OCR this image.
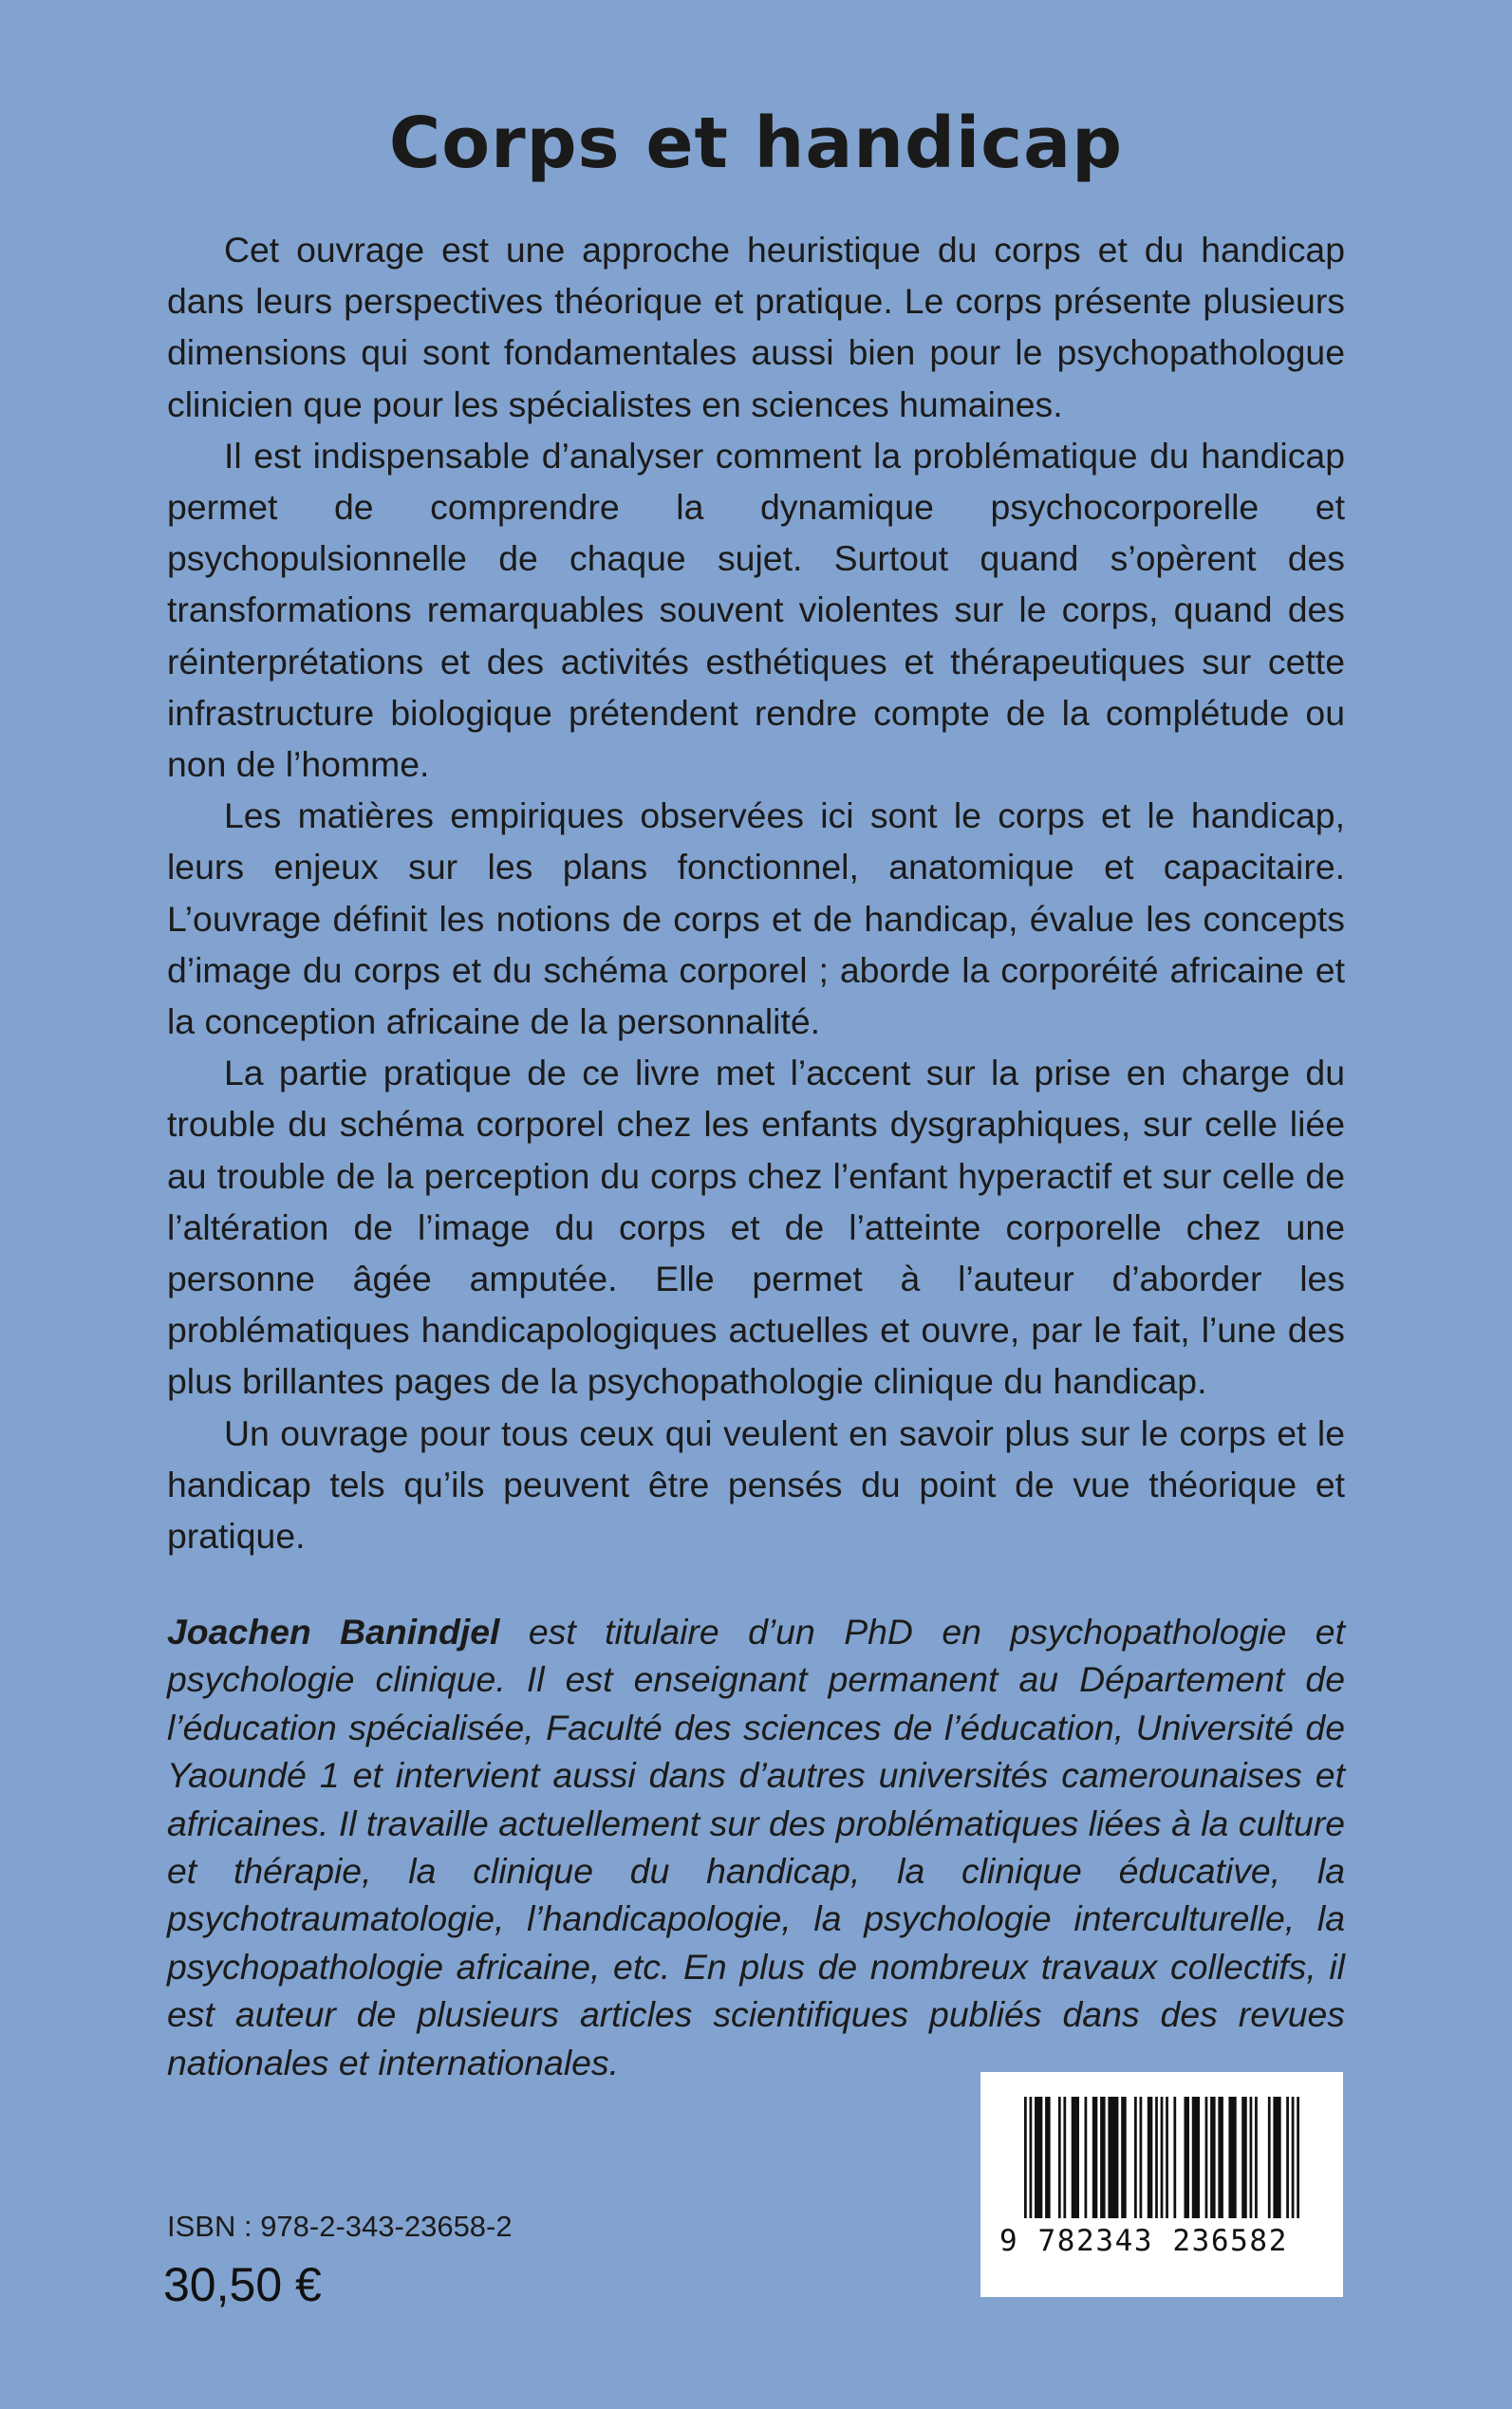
Corps et handicap

Cet ouvrage est une approche heuristique du corps et du handicap dans leurs perspectives théorique et pratique. Le corps présente plusieurs dimensions qui sont fondamentales aussi bien pour le psychopathologue clinicien que pour les spécialistes en sciences humaines.

Il est indispensable d’analyser comment la problématique du handicap permet de comprendre la dynamique psychocorporelle et psychopulsionnelle de chaque sujet. Surtout quand s’opèrent des transformations remarquables souvent violentes sur le corps, quand des réinterprétations et des activités esthétiques et thérapeutiques sur cette infrastructure biologique prétendent rendre compte de la complétude ou non de l’homme.

Les matières empiriques observées ici sont le corps et le handicap, leurs enjeux sur les plans fonctionnel, anatomique et capacitaire. L’ouvrage définit les notions de corps et de handicap, évalue les concepts d’image du corps et du schéma corporel ; aborde la corporéité africaine et la conception africaine de la personnalité.

La partie pratique de ce livre met l’accent sur la prise en charge du trouble du schéma corporel chez les enfants dysgraphiques, sur celle liée au trouble de la perception du corps chez l’enfant hyperactif et sur celle de l’altération de l’image du corps et de l’atteinte corporelle chez une personne âgée amputée. Elle permet à l’auteur d’aborder les problématiques handicapologiques actuelles et ouvre, par le fait, l’une des plus brillantes pages de la psychopathologie clinique du handicap.

Un ouvrage pour tous ceux qui veulent en savoir plus sur le corps et le handicap tels qu’ils peuvent être pensés du point de vue théorique et pratique.

Joachen Banindjel est titulaire d’un PhD en psychopathologie et psychologie clinique. Il est enseignant permanent au Département de l’éducation spécialisée, Faculté des sciences de l’éducation, Université de Yaoundé 1 et intervient aussi dans d’autres universités camerounaises et africaines. Il travaille actuellement sur des problématiques liées à la culture et thérapie, la clinique du handicap, la clinique éducative, la psychotraumatologie, l’handicapologie, la psychologie interculturelle, la psychopathologie africaine, etc. En plus de nombreux travaux collectifs, il est auteur de plusieurs articles scientifiques publiés dans des revues nationales et internationales.

9 782343 236582
ISBN : 978-2-343-23658-2
30,50 €
